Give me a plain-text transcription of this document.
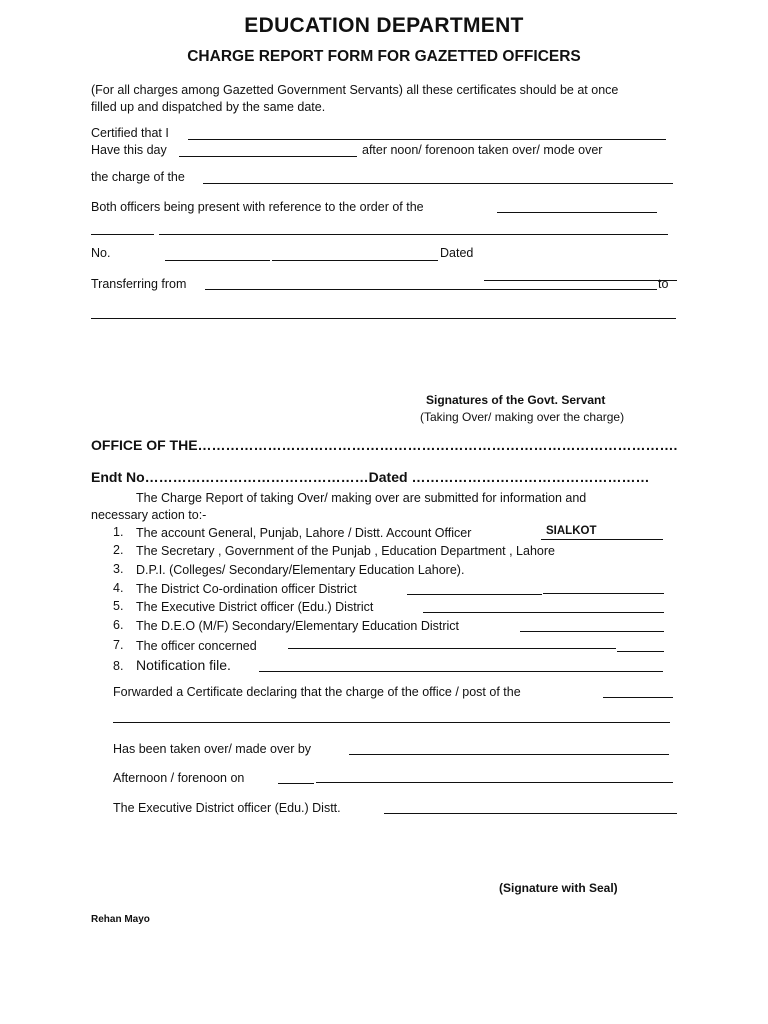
EDUCATION DEPARTMENT
CHARGE REPORT FORM FOR GAZETTED OFFICERS
(For all charges among Gazetted Government Servants) all these certificates should be at once
filled up and dispatched by the same date.
Certified that I
Have this day	after noon/ forenoon taken over/ mode over
the charge of the
Both officers being present with reference to the order of the
No.	Dated
Transferring from	to
Signatures of the Govt. Servant
(Taking Over/ making over the charge)
OFFICE OF THE………………………………………………………………………………………….
Endt No…………………………………………Dated ……………………………………………
The Charge Report of taking Over/ making over are submitted for information and
necessary action to:-
1. The account General, Punjab, Lahore / Distt. Account Officer	SIALKOT
2. The Secretary , Government of the Punjab , Education Department , Lahore
3. D.P.I. (Colleges/ Secondary/Elementary Education Lahore).
4. The District Co-ordination officer District
5. The Executive District officer (Edu.) District
6. The D.E.O (M/F) Secondary/Elementary Education District
7. The officer concerned
8. Notification file.
Forwarded a Certificate declaring that the charge of the office / post of the
Has been taken over/ made over by
Afternoon / forenoon on
The Executive District officer (Edu.) Distt.
(Signature with Seal)
Rehan Mayo
